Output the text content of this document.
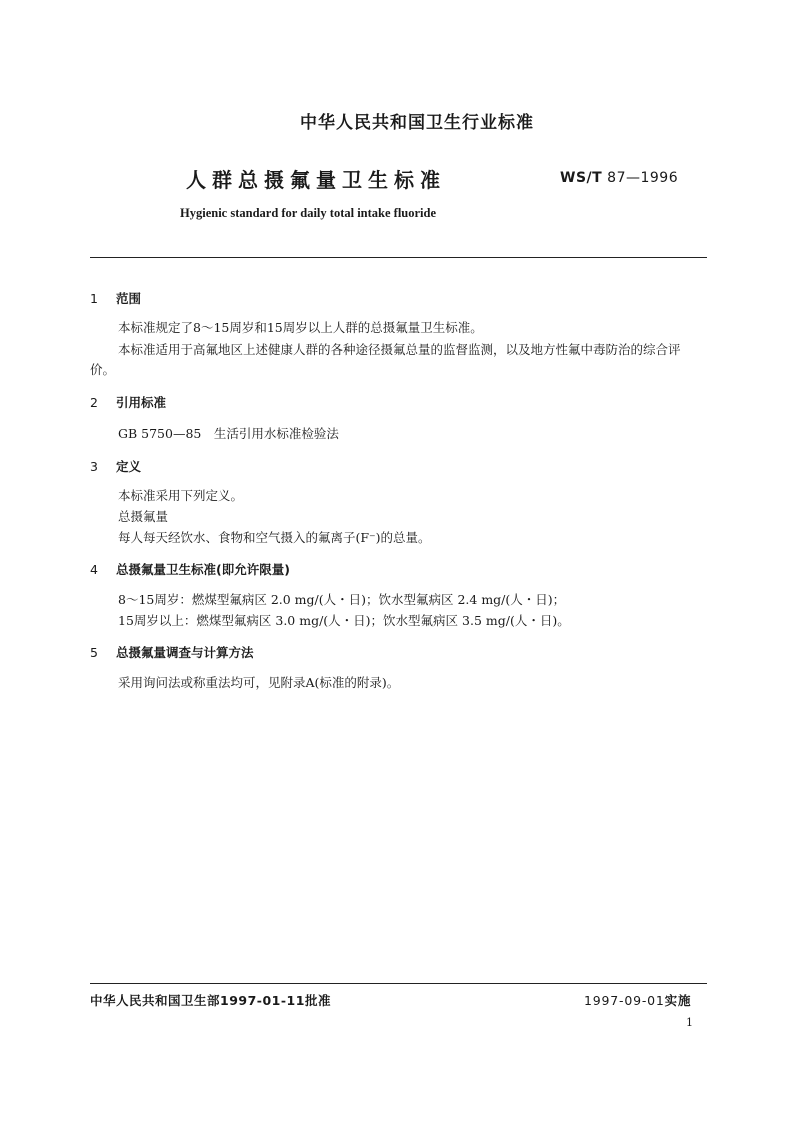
中华人民共和国卫生行业标准
人群总摄氟量卫生标准	WS/T 87—1996
Hygienic standard for daily total intake fluoride
1 范围
本标准规定了8～15周岁和15周岁以上人群的总摄氟量卫生标准。
本标准适用于高氟地区上述健康人群的各种途径摄氟总量的监督监测，以及地方性氟中毒防治的综合评价。
2 引用标准
GB 5750—85　生活引用水标准检验法
3 定义
本标准采用下列定义。
总摄氟量
每人每天经饮水、食物和空气摄入的氟离子(F⁻)的总量。
4 总摄氟量卫生标准(即允许限量)
8～15周岁：燃煤型氟病区 2.0 mg/(人・日)；饮水型氟病区 2.4 mg/(人・日)；
15周岁以上：燃煤型氟病区 3.0 mg/(人・日)；饮水型氟病区 3.5 mg/(人・日)。
5 总摄氟量调查与计算方法
采用询问法或称重法均可，见附录A(标准的附录)。
中华人民共和国卫生部1997-01-11批准	1997-09-01实施
1
